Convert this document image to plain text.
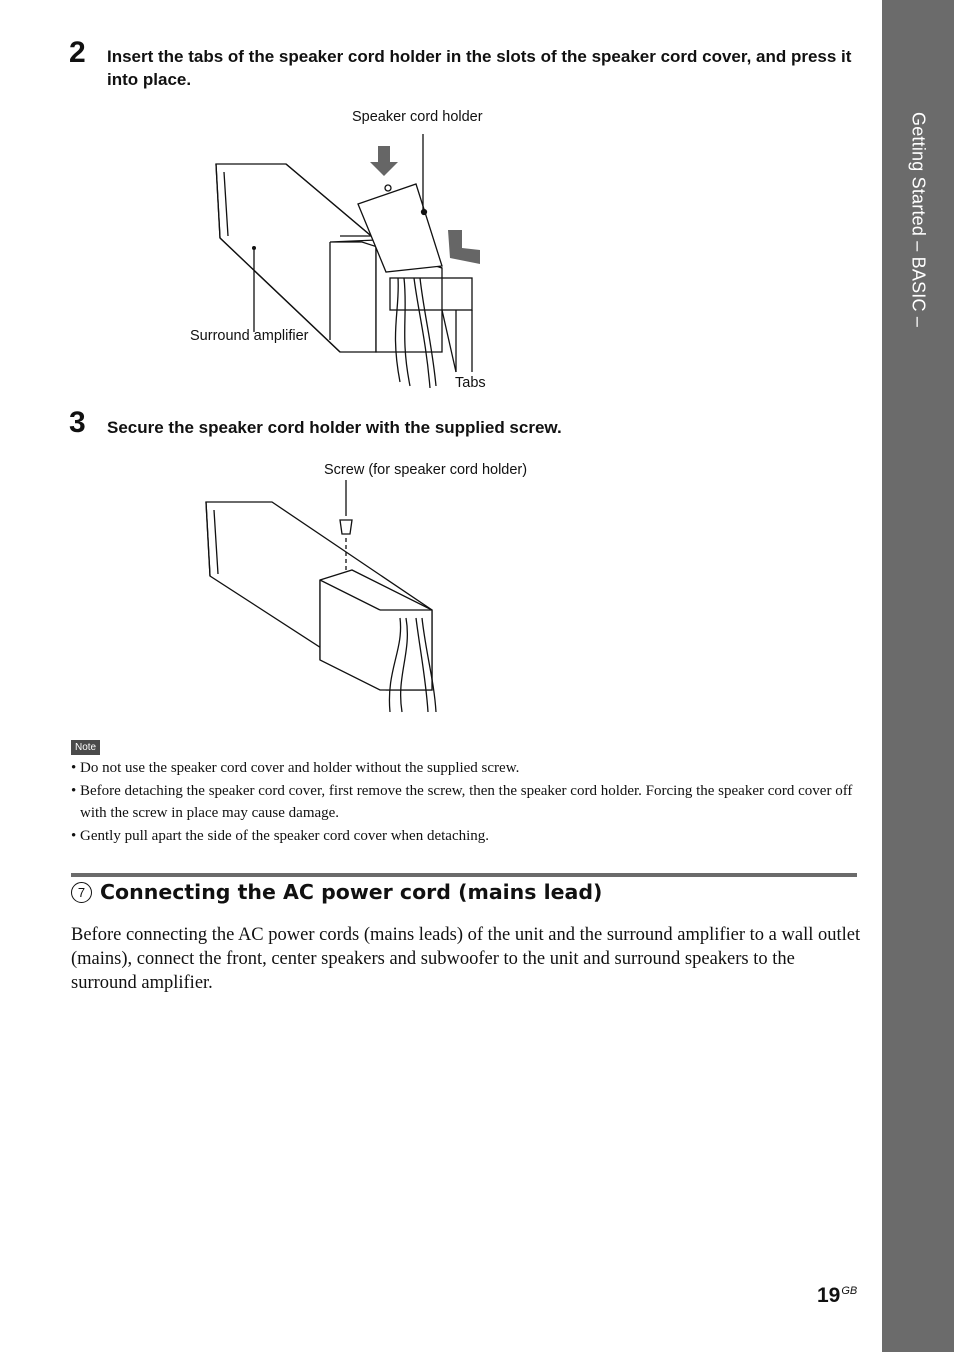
Getting Started – BASIC –
2 Insert the tabs of the speaker cord holder in the slots of the speaker cord cover, and press it into place.
Speaker cord holder
Surround amplifier
Tabs
3 Secure the speaker cord holder with the supplied screw.
Screw (for speaker cord holder)
Note
• Do not use the speaker cord cover and holder without the supplied screw.
• Before detaching the speaker cord cover, first remove the screw, then the speaker cord holder. Forcing the speaker cord cover off with the screw in place may cause damage.
• Gently pull apart the side of the speaker cord cover when detaching.
7 Connecting the AC power cord (mains lead)

Before connecting the AC power cords (mains leads) of the unit and the surround amplifier to a wall outlet (mains), connect the front, center speakers and subwoofer to the unit and surround speakers to the surround amplifier.

$19^{GB}$
